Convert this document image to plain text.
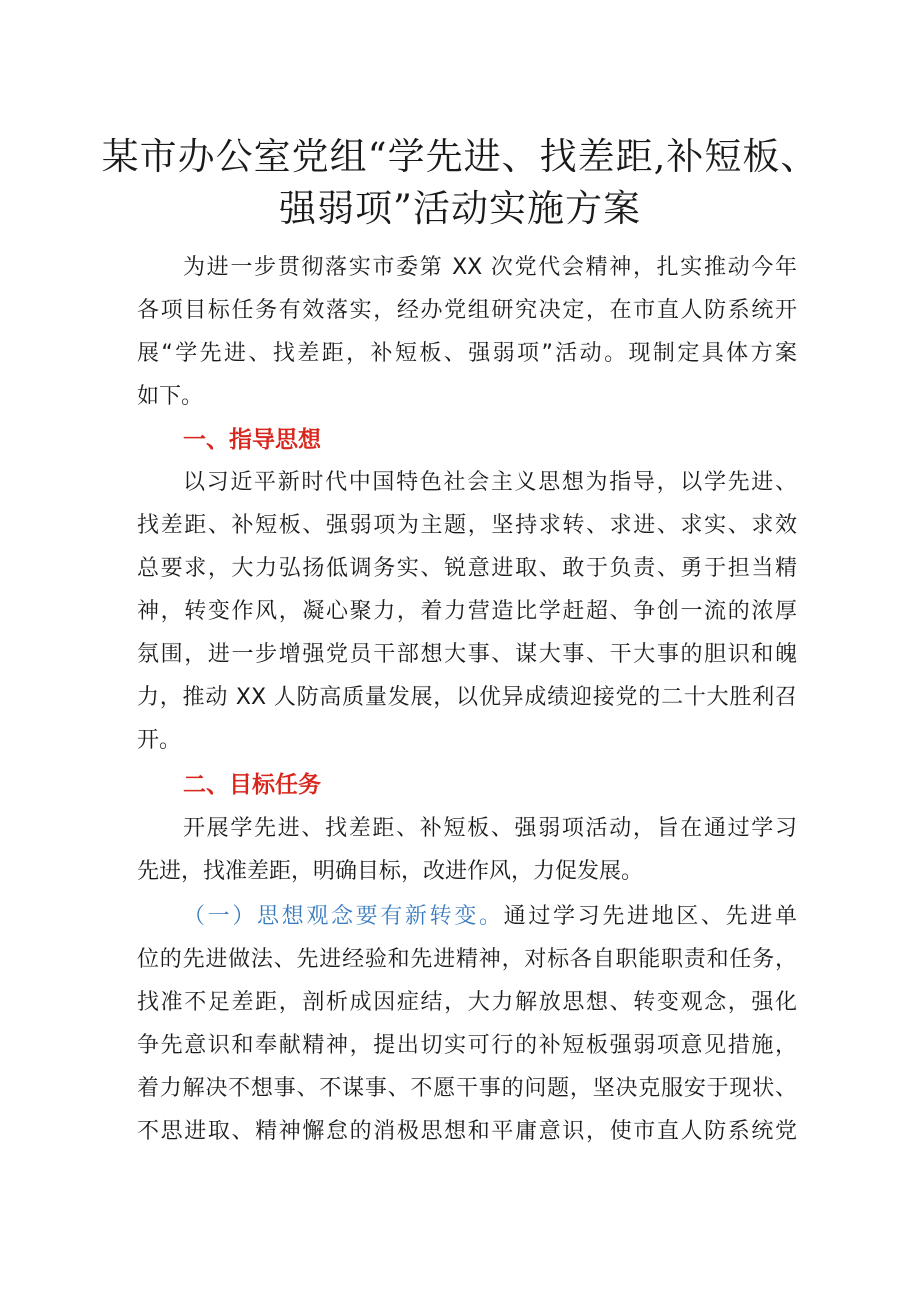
某市办公室党组“学先进、找差距,补短板、
强弱项”活动实施方案
为进一步贯彻落实市委第 XX 次党代会精神，扎实推动今年
各项目标任务有效落实，经办党组研究决定，在市直人防系统开
展“学先进、找差距，补短板、强弱项”活动。现制定具体方案
如下。
一、指导思想
以习近平新时代中国特色社会主义思想为指导，以学先进、
找差距、补短板、强弱项为主题，坚持求转、求进、求实、求效
总要求，大力弘扬低调务实、锐意进取、敢于负责、勇于担当精
神，转变作风，凝心聚力，着力营造比学赶超、争创一流的浓厚
氛围，进一步增强党员干部想大事、谋大事、干大事的胆识和魄
力，推动 XX 人防高质量发展，以优异成绩迎接党的二十大胜利召
开。
二、目标任务
开展学先进、找差距、补短板、强弱项活动，旨在通过学习
先进，找准差距，明确目标，改进作风，力促发展。
（一）思想观念要有新转变。通过学习先进地区、先进单
位的先进做法、先进经验和先进精神，对标各自职能职责和任务，
找准不足差距，剖析成因症结，大力解放思想、转变观念，强化
争先意识和奉献精神，提出切实可行的补短板强弱项意见措施，
着力解决不想事、不谋事、不愿干事的问题，坚决克服安于现状、
不思进取、精神懈怠的消极思想和平庸意识，使市直人防系统党
